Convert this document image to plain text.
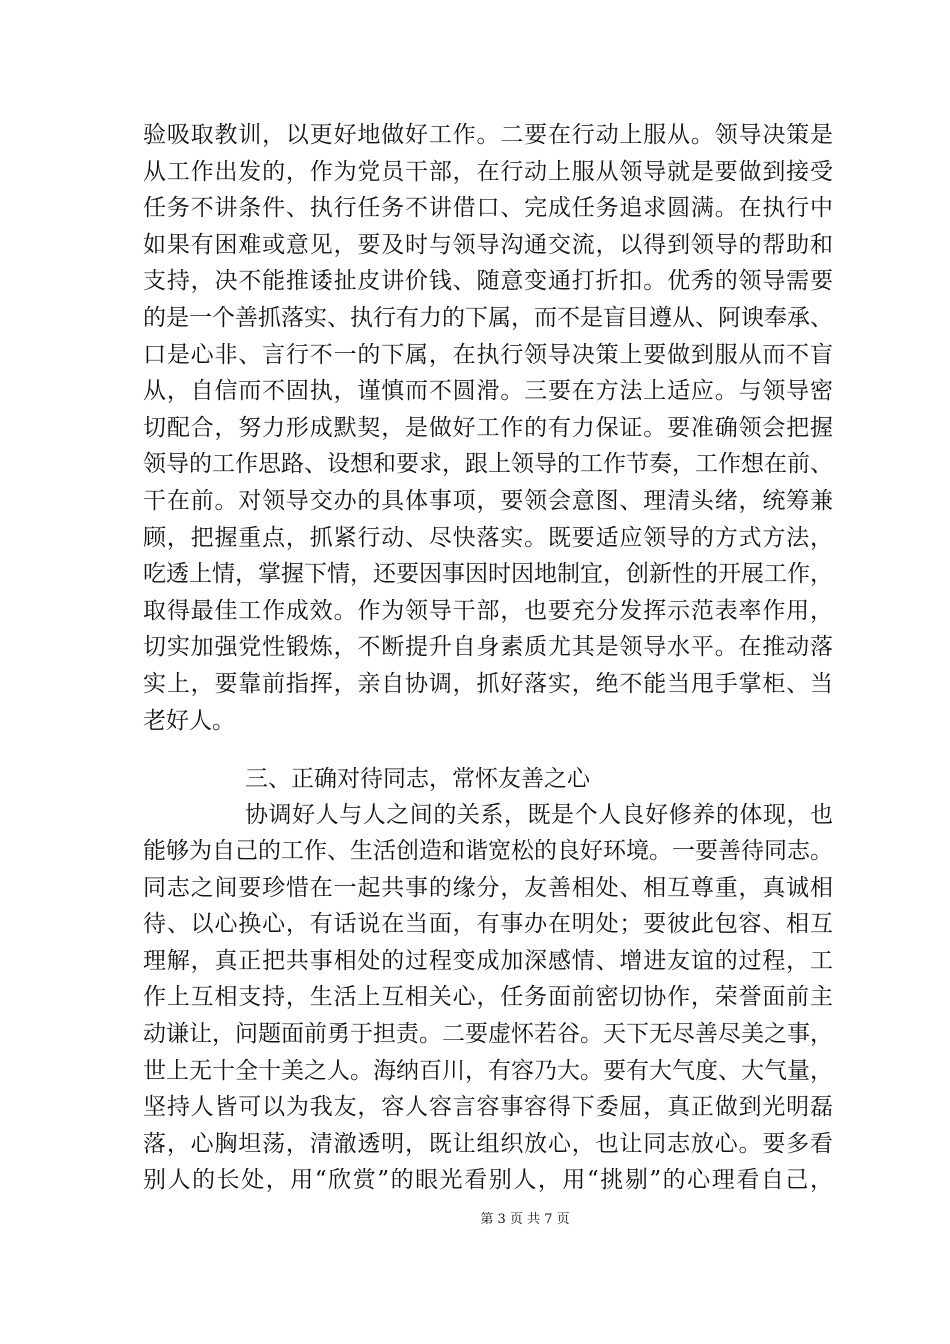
验吸取教训，以更好地做好工作。二要在行动上服从。领导决策是
从工作出发的，作为党员干部，在行动上服从领导就是要做到接受
任务不讲条件、执行任务不讲借口、完成任务追求圆满。在执行中
如果有困难或意见，要及时与领导沟通交流，以得到领导的帮助和
支持，决不能推诿扯皮讲价钱、随意变通打折扣。优秀的领导需要
的是一个善抓落实、执行有力的下属，而不是盲目遵从、阿谀奉承、
口是心非、言行不一的下属，在执行领导决策上要做到服从而不盲
从，自信而不固执，谨慎而不圆滑。三要在方法上适应。与领导密
切配合，努力形成默契，是做好工作的有力保证。要准确领会把握
领导的工作思路、设想和要求，跟上领导的工作节奏，工作想在前、
干在前。对领导交办的具体事项，要领会意图、理清头绪，统筹兼
顾，把握重点，抓紧行动、尽快落实。既要适应领导的方式方法，
吃透上情，掌握下情，还要因事因时因地制宜，创新性的开展工作，
取得最佳工作成效。作为领导干部，也要充分发挥示范表率作用，
切实加强党性锻炼，不断提升自身素质尤其是领导水平。在推动落
实上，要靠前指挥，亲自协调，抓好落实，绝不能当甩手掌柜、当
老好人。
三、正确对待同志，常怀友善之心
协调好人与人之间的关系，既是个人良好修养的体现，也
能够为自己的工作、生活创造和谐宽松的良好环境。一要善待同志。
同志之间要珍惜在一起共事的缘分，友善相处、相互尊重，真诚相
待、以心换心，有话说在当面，有事办在明处；要彼此包容、相互
理解，真正把共事相处的过程变成加深感情、增进友谊的过程，工
作上互相支持，生活上互相关心，任务面前密切协作，荣誉面前主
动谦让，问题面前勇于担责。二要虚怀若谷。天下无尽善尽美之事，
世上无十全十美之人。海纳百川，有容乃大。要有大气度、大气量，
坚持人皆可以为我友，容人容言容事容得下委屈，真正做到光明磊
落，心胸坦荡，清澈透明，既让组织放心，也让同志放心。要多看
别人的长处，用“欣赏”的眼光看别人，用“挑剔”的心理看自己，
第 3 页 共 7 页
